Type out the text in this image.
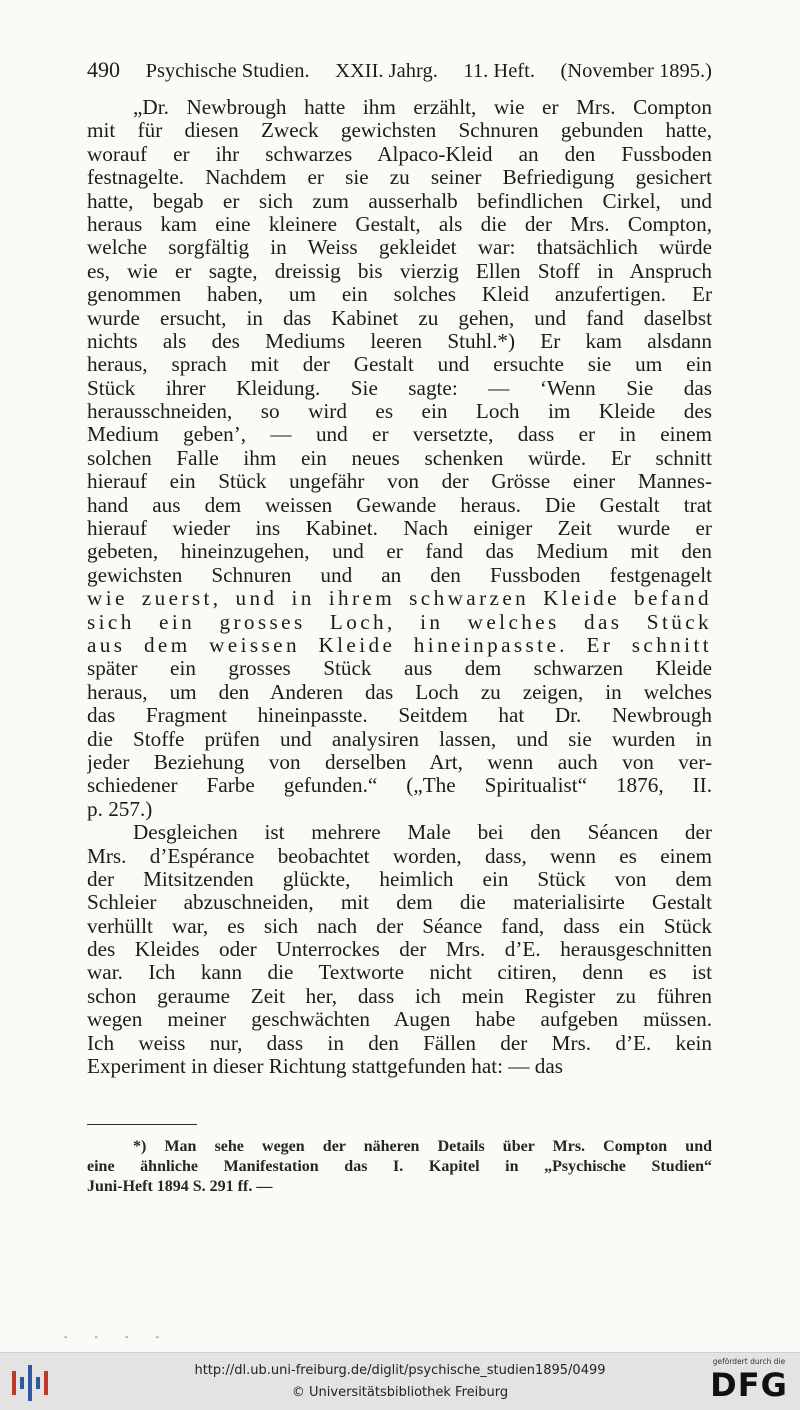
490 Psychische Studien. XXII. Jahrg. 11. Heft. (November 1895.)
„Dr. Newbrough hatte ihm erzählt, wie er Mrs. Compton
mit für diesen Zweck gewichsten Schnuren gebunden hatte,
worauf er ihr schwarzes Alpaco-Kleid an den Fussboden
festnagelte. Nachdem er sie zu seiner Befriedigung gesichert
hatte, begab er sich zum ausserhalb befindlichen Cirkel, und
heraus kam eine kleinere Gestalt, als die der Mrs. Compton,
welche sorgfältig in Weiss gekleidet war: thatsächlich würde
es, wie er sagte, dreissig bis vierzig Ellen Stoff in Anspruch
genommen haben, um ein solches Kleid anzufertigen. Er
wurde ersucht, in das Kabinet zu gehen, und fand daselbst
nichts als des Mediums leeren Stuhl.*) Er kam alsdann
heraus, sprach mit der Gestalt und ersuchte sie um ein
Stück ihrer Kleidung. Sie sagte: — ‘Wenn Sie das
herausschneiden, so wird es ein Loch im Kleide des
Medium geben’, — und er versetzte, dass er in einem
solchen Falle ihm ein neues schenken würde. Er schnitt
hierauf ein Stück ungefähr von der Grösse einer Mannes-
hand aus dem weissen Gewande heraus. Die Gestalt trat
hierauf wieder ins Kabinet. Nach einiger Zeit wurde er
gebeten, hineinzugehen, und er fand das Medium mit den
gewichsten Schnuren und an den Fussboden festgenagelt
wie zuerst, und in ihrem schwarzen Kleide befand
sich ein grosses Loch, in welches das Stück
aus dem weissen Kleide hineinpasste. Er schnitt
später ein grosses Stück aus dem schwarzen Kleide
heraus, um den Anderen das Loch zu zeigen, in welches
das Fragment hineinpasste. Seitdem hat Dr. Newbrough
die Stoffe prüfen und analysiren lassen, und sie wurden in
jeder Beziehung von derselben Art, wenn auch von ver-
schiedener Farbe gefunden.“ („The Spiritualist“ 1876, II.
p. 257.)
Desgleichen ist mehrere Male bei den Séancen der
Mrs. d’Espérance beobachtet worden, dass, wenn es einem
der Mitsitzenden glückte, heimlich ein Stück von dem
Schleier abzuschneiden, mit dem die materialisirte Gestalt
verhüllt war, es sich nach der Séance fand, dass ein Stück
des Kleides oder Unterrockes der Mrs. d’E. herausgeschnitten
war. Ich kann die Textworte nicht citiren, denn es ist
schon geraume Zeit her, dass ich mein Register zu führen
wegen meiner geschwächten Augen habe aufgeben müssen.
Ich weiss nur, dass in den Fällen der Mrs. d’E. kein
Experiment in dieser Richtung stattgefunden hat: — das
*) Man sehe wegen der näheren Details über Mrs. Compton und
eine ähnliche Manifestation das I. Kapitel in „Psychische Studien“
Juni-Heft 1894 S. 291 ff. —
- - - -
http://dl.ub.uni-freiburg.de/diglit/psychische_studien1895/0499
© Universitätsbibliothek Freiburg
gefördert durch die
DFG
